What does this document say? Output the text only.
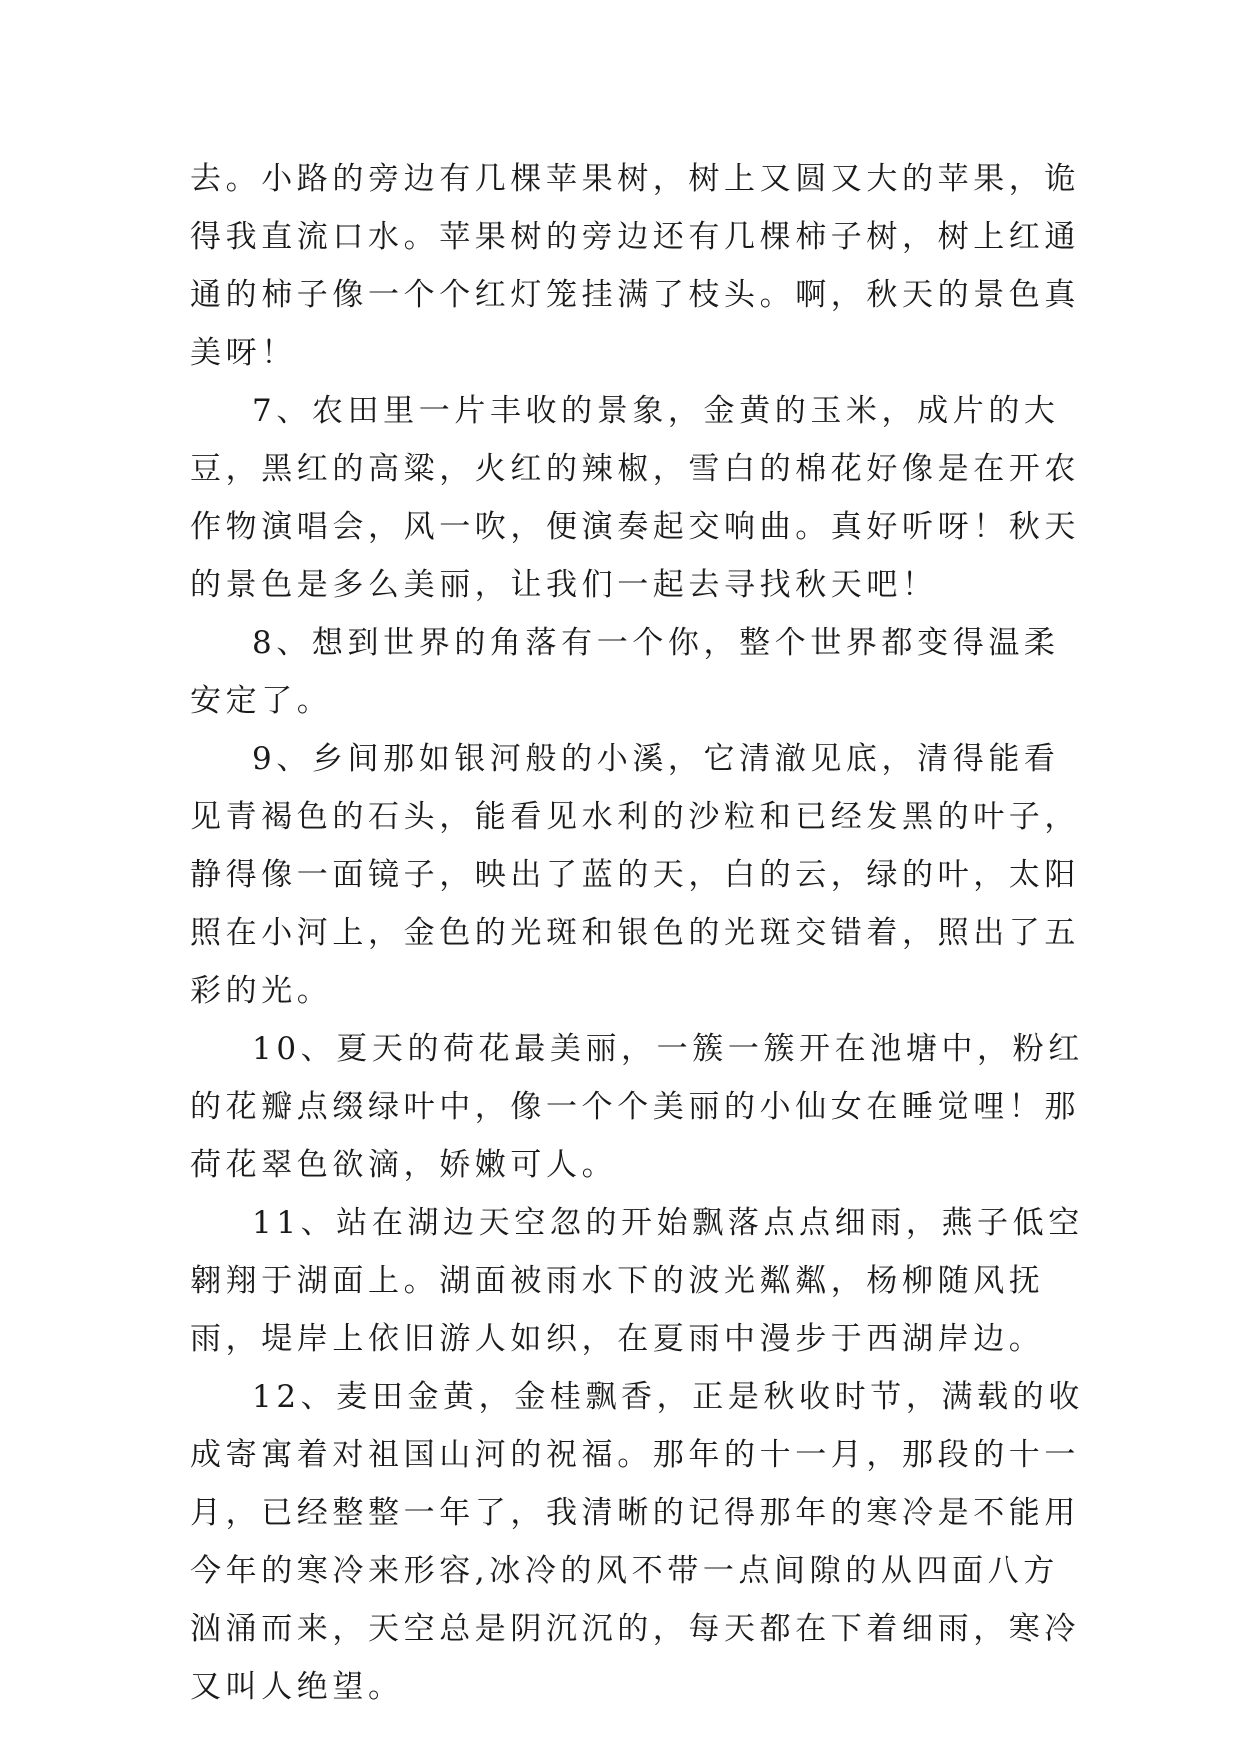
去。小路的旁边有几棵苹果树，树上又圆又大的苹果，诡得我直流口水。苹果树的旁边还有几棵柿子树，树上红通通的柿子像一个个红灯笼挂满了枝头。啊，秋天的景色真美呀！

7、农田里一片丰收的景象，金黄的玉米，成片的大豆，黑红的高粱，火红的辣椒，雪白的棉花好像是在开农作物演唱会，风一吹，便演奏起交响曲。真好听呀！秋天的景色是多么美丽，让我们一起去寻找秋天吧！

8、想到世界的角落有一个你，整个世界都变得温柔安定了。

9、乡间那如银河般的小溪，它清澈见底，清得能看见青褐色的石头，能看见水利的沙粒和已经发黑的叶子，静得像一面镜子，映出了蓝的天，白的云，绿的叶，太阳照在小河上，金色的光斑和银色的光斑交错着，照出了五彩的光。

10、夏天的荷花最美丽，一簇一簇开在池塘中，粉红的花瓣点缀绿叶中，像一个个美丽的小仙女在睡觉哩！那荷花翠色欲滴，娇嫩可人。

11、站在湖边天空忽的开始飘落点点细雨，燕子低空翱翔于湖面上。湖面被雨水下的波光粼粼，杨柳随风抚雨，堤岸上依旧游人如织，在夏雨中漫步于西湖岸边。

12、麦田金黄，金桂飘香，正是秋收时节，满载的收成寄寓着对祖国山河的祝福。那年的十一月，那段的十一月，已经整整一年了，我清晰的记得那年的寒冷是不能用今年的寒冷来形容,冰冷的风不带一点间隙的从四面八方汹涌而来，天空总是阴沉沉的，每天都在下着细雨，寒冷又叫人绝望。
